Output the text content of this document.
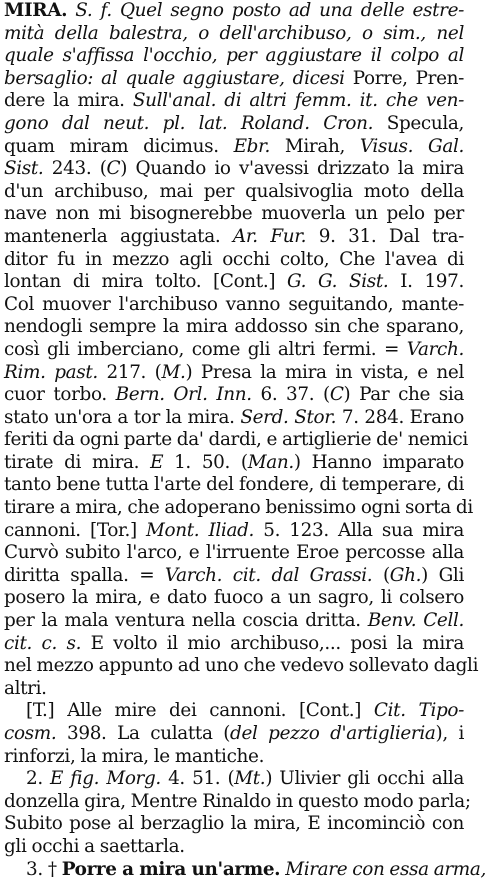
MIRA. S. f. Quel segno posto ad una delle estre-
mità della balestra, o dell'archibuso, o sim., nel
quale s'affissa l'occhio, per aggiustare il colpo al
bersaglio: al quale aggiustare, dicesi Porre, Pren-
dere la mira. Sull'anal. di altri femm. it. che ven-
gono dal neut. pl. lat. Roland. Cron. Specula,
quam miram dicimus. Ebr. Mirah, Visus. Gal.
Sist. 243. (C) Quando io v'avessi drizzato la mira
d'un archibuso, mai per qualsivoglia moto della
nave non mi bisognerebbe muoverla un pelo per
mantenerla aggiustata. Ar. Fur. 9. 31. Dal tra-
ditor fu in mezzo agli occhi colto, Che l'avea di
lontan di mira tolto. [Cont.] G. G. Sist. I. 197.
Col muover l'archibuso vanno seguitando, mante-
nendogli sempre la mira addosso sin che sparano,
così gli imberciano, come gli altri fermi. = Varch.
Rim. past. 217. (M.) Presa la mira in vista, e nel
cuor torbo. Bern. Orl. Inn. 6. 37. (C) Par che sia
stato un'ora a tor la mira. Serd. Stor. 7. 284. Erano
feriti da ogni parte da' dardi, e artiglierie de' nemici
tirate di mira. E 1. 50. (Man.) Hanno imparato
tanto bene tutta l'arte del fondere, di temperare, di
tirare a mira, che adoperano benissimo ogni sorta di
cannoni. [Tor.] Mont. Iliad. 5. 123. Alla sua mira
Curvò subito l'arco, e l'irruente Eroe percosse alla
diritta spalla. = Varch. cit. dal Grassi. (Gh.) Gli
posero la mira, e dato fuoco a un sagro, li colsero
per la mala ventura nella coscia dritta. Benv. Cell.
cit. c. s. E volto il mio archibuso,... posi la mira
nel mezzo appunto ad uno che vedevo sollevato dagli
altri.
[T.] Alle mire dei cannoni. [Cont.] Cit. Tipo-
cosm. 398. La culatta (del pezzo d'artiglieria), i
rinforzi, la mira, le mantiche.
2. E fig. Morg. 4. 51. (Mt.) Ulivier gli occhi alla
donzella gira, Mentre Rinaldo in questo modo parla;
Subito pose al berzaglio la mira, E incominciò con
gli occhi a saettarla.
3. † Porre a mira un'arme. Mirare con essa arma,
